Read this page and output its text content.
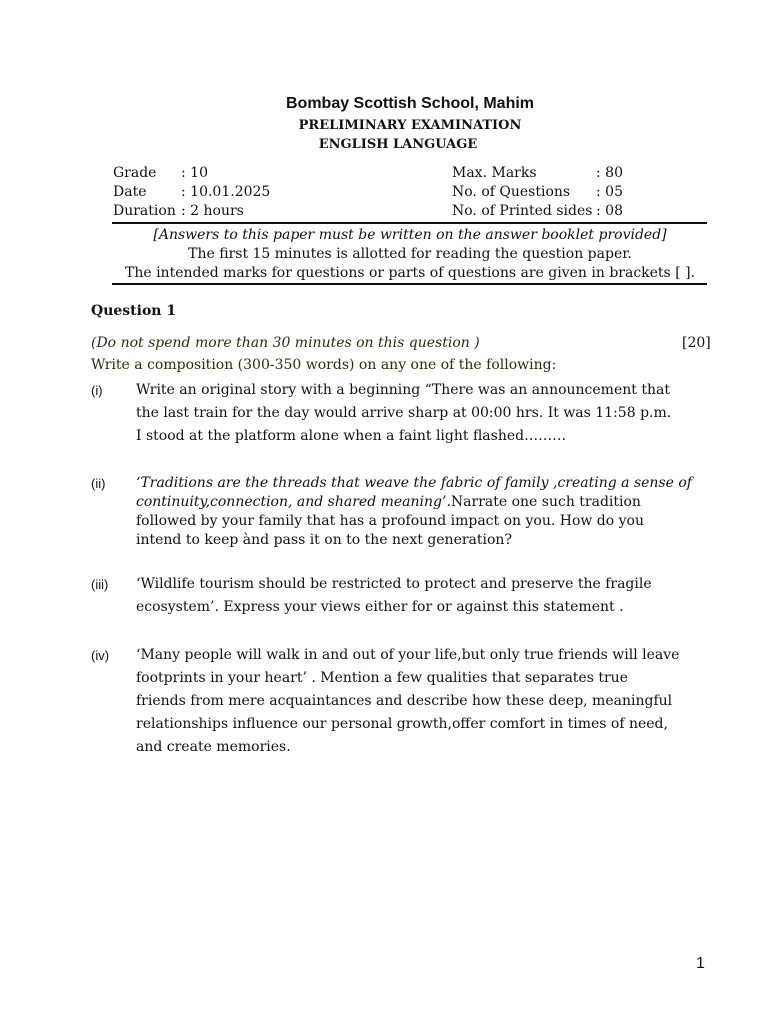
Bombay Scottish School, Mahim
PRELIMINARY EXAMINATION
ENGLISH LANGUAGE
Grade : 10
Date : 10.01.2025
Duration : 2 hours
Max. Marks	: 80
No. of Questions : 05
No. of Printed sides : 08
[Answers to this paper must be written on the answer booklet provided]
The first 15 minutes is allotted for reading the question paper.
The intended marks for questions or parts of questions are given in brackets [ ].
Question 1
(Do not spend more than 30 minutes on this question )	[20]
Write a composition (300-350 words) on any one of the following:
(i) Write an original story with a beginning “There was an announcement that
the last train for the day would arrive sharp at 00:00 hrs. It was 11:58 p.m.
I stood at the platform alone when a faint light flashed………
(ii) ‘Traditions are the threads that weave the fabric of family ,creating a sense of
continuity,connection, and shared meaning’.Narrate one such tradition
followed by your family that has a profound impact on you. How do you
intend to keep ànd pass it on to the next generation?
(iii) ‘Wildlife tourism should be restricted to protect and preserve the fragile
ecosystem’. Express your views either for or against this statement .
(iv) ‘Many people will walk in and out of your life,but only true friends will leave
footprints in your heart’ . Mention a few qualities that separates true
friends from mere acquaintances and describe how these deep, meaningful
relationships influence our personal growth,offer comfort in times of need,
and create memories.
1
